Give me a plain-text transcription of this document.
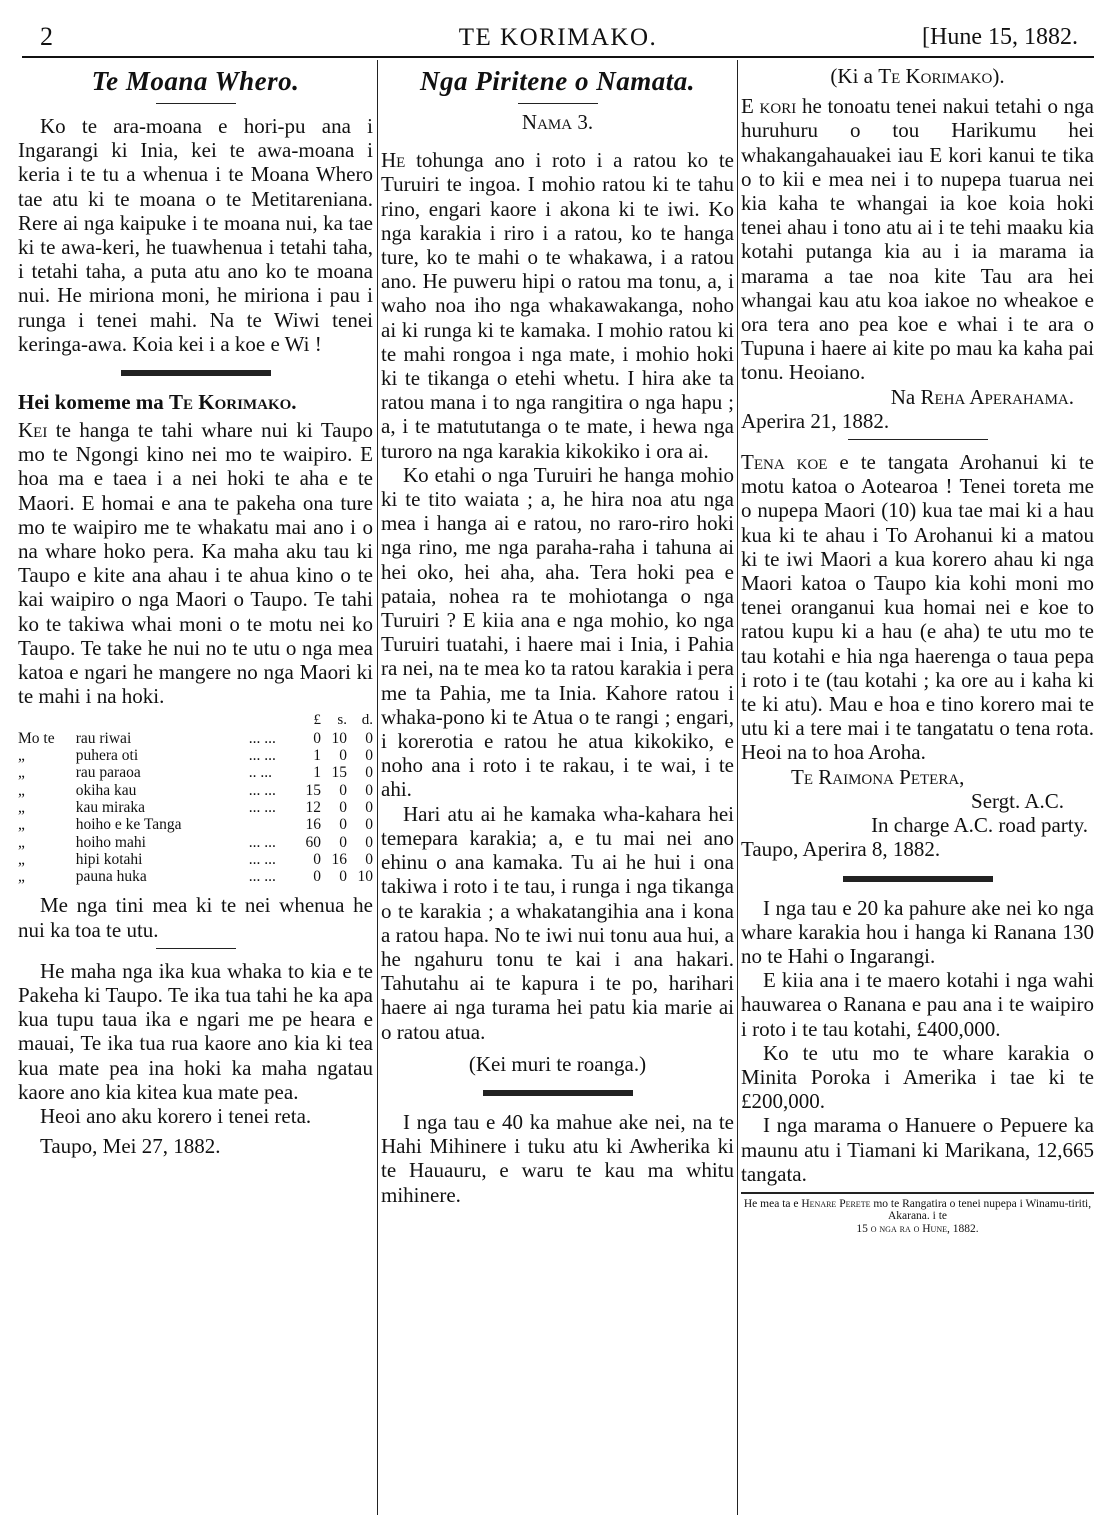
2	TE KORIMAKO.	[Hune 15, 1882.
Te Moana Whero.

Ko te ara-moana e hori-pu ana i Ingarangi ki Inia, kei te awa-moana i keria i te tu a whenua i te Moana Whero tae atu ki te moana o te Metitareniana. Rere ai nga kaipuke i te moana nui, ka tae ki te awa-keri, he tuawhenua i tetahi taha, i tetahi taha, a puta atu ano ko te moana nui. He miriona moni, he miriona i pau i runga i tenei mahi. Na te Wiwi tenei keringa-awa. Koia kei i a koe e Wi !

Hei komeme ma Te Korimako.

Kei te hanga te tahi whare nui ki Taupo mo te Ngongi kino nei mo te waipiro. E hoa ma e taea i a nei hoki te aha e te Maori. E homai e ana te pakeha ona ture mo te waipiro me te whakatu mai ano i o na whare hoko pera. Ka maha aku tau ki Taupo e kite ana ahau i te ahua kino o te kai waipiro o nga Maori o Taupo. Te tahi ko te takiwa whai moni o te motu nei ko Taupo. Te take he nui no te utu o nga mea katoa e ngari he mangere no nga Maori ki te mahi i na hoki.

			£	s.	d.
Mo te	rau riwai	... ...	0	10	0
„	puhera oti	... ...	1	0	0
„	rau paraoa	.. ...	1	15	0
„	okiha kau	... ...	15	0	0
„	kau miraka	... ...	12	0	0
„	hoiho e ke Tanga		16	0	0
„	hoiho mahi	... ...	60	0	0
„	hipi kotahi	... ...	0	16	0
„	pauna huka	... ...	0	0	10

Me nga tini mea ki te nei whenua he nui ka toa te utu.

He maha nga ika kua whaka to kia e te Pakeha ki Taupo. Te ika tua tahi he ka apa kua tupu taua ika e ngari me pe heara e mauai, Te ika tua rua kaore ano kia ki tea kua mate pea ina hoki ka maha ngatau kaore ano kia kitea kua mate pea.

Heoi ano aku korero i tenei reta.

Taupo, Mei 27, 1882.

Nga Piritene o Namata.

Nama 3.

He tohunga ano i roto i a ratou ko te Turuiri te ingoa. I mohio ratou ki te tahu rino, engari kaore i akona ki te iwi. Ko nga karakia i riro i a ratou, ko te hanga ture, ko te mahi o te whakawa, i a ratou ano. He puweru hipi o ratou ma tonu, a, i waho noa iho nga whakawakanga, noho ai ki runga ki te kamaka. I mohio ratou ki te mahi rongoa i nga mate, i mohio hoki ki te tikanga o etehi whetu. I hira ake ta ratou mana i to nga rangitira o nga hapu ; a, i te matututanga o te mate, i hewa nga turoro na nga karakia kikokiko i ora ai.

Ko etahi o nga Turuiri he hanga mohio ki te tito waiata ; a, he hira noa atu nga mea i hanga ai e ratou, no raro-riro hoki nga rino, me nga paraha-raha i tahuna ai hei oko, hei aha, aha. Tera hoki pea e pataia, nohea ra te mohiotanga o nga Turuiri ? E kiia ana e nga mohio, ko nga Turuiri tuatahi, i haere mai i Inia, i Pahia ra nei, na te mea ko ta ratou karakia i pera me ta Pahia, me ta Inia. Kahore ratou i whaka-pono ki te Atua o te rangi ; engari, i korerotia e ratou he atua kikokiko, e noho ana i roto i te rakau, i te wai, i te ahi.

Hari atu ai he kamaka wha-kahara hei temepara karakia; a, e tu mai nei ano ehinu o ana kamaka. Tu ai he hui i ona takiwa i roto i te tau, i runga i nga tikanga o te karakia ; a whakatangihia ana i kona a ratou hapa. No te iwi nui tonu aua hui, a he ngahuru tonu te kai i ana hakari. Tahutahu ai te kapura i te po, harihari haere ai nga turama hei patu kia marie ai o ratou atua.

(Kei muri te roanga.)

I nga tau e 40 ka mahue ake nei, na te Hahi Mihinere i tuku atu ki Awherika ki te Hauauru, e waru te kau ma whitu mihinere.

(Ki a Te Korimako).

E kori he tonoatu tenei nakui tetahi o nga huruhuru o tou Harikumu hei whakangahauakei iau E kori kanui te tika o to kii e mea nei i to nupepa tuarua nei kia kaha te whangai ia koe koia hoki tenei ahau i tono atu ai i te tehi maaku kia kotahi putanga kia au i ia marama ia marama a tae noa kite Tau ara hei whangai kau atu koa iakoe no wheakoe e ora tera ano pea koe e whai i te ara o Tupuna i haere ai kite po mau ka kaha pai tonu. Heoiano.

Na Reha Aperahama.

Aperira 21, 1882.

Tena koe e te tangata Arohanui ki te motu katoa o Aotearoa ! Tenei toreta me o nupepa Maori (10) kua tae mai ki a hau kua ki te ahau i To Arohanui ki a matou ki te iwi Maori a kua korero ahau ki nga Maori katoa o Taupo kia kohi moni mo tenei oranganui kua homai nei e koe to ratou kupu ki a hau (e aha) te utu mo te tau kotahi e hia nga haerenga o taua pepa i roto i te (tau kotahi ; ka ore au i kaha ki te ki atu). Mau e hoa e tino korero mai te utu ki a tere mai i te tangatatu o tena rota. Heoi na to hoa Aroha.

Te Raimona Petera,

Sergt. A.C.

In charge A.C. road party.

Taupo, Aperira 8, 1882.

I nga tau e 20 ka pahure ake nei ko nga whare karakia hou i hanga ki Ranana 130 no te Hahi o Ingarangi.

E kiia ana i te maero kotahi i nga wahi hauwarea o Ranana e pau ana i te waipiro i roto i te tau kotahi, £400,000.

Ko te utu mo te whare karakia o Minita Poroka i Amerika i tae ki te £200,000.

I nga marama o Hanuere o Pepuere ka maunu atu i Tiamani ki Marikana, 12,665 tangata.

He mea ta e Henare Perete mo te Rangatira o tenei nupepa i Winamu-tiriti, Akarana. i te
15 o nga ra o Hune, 1882.
